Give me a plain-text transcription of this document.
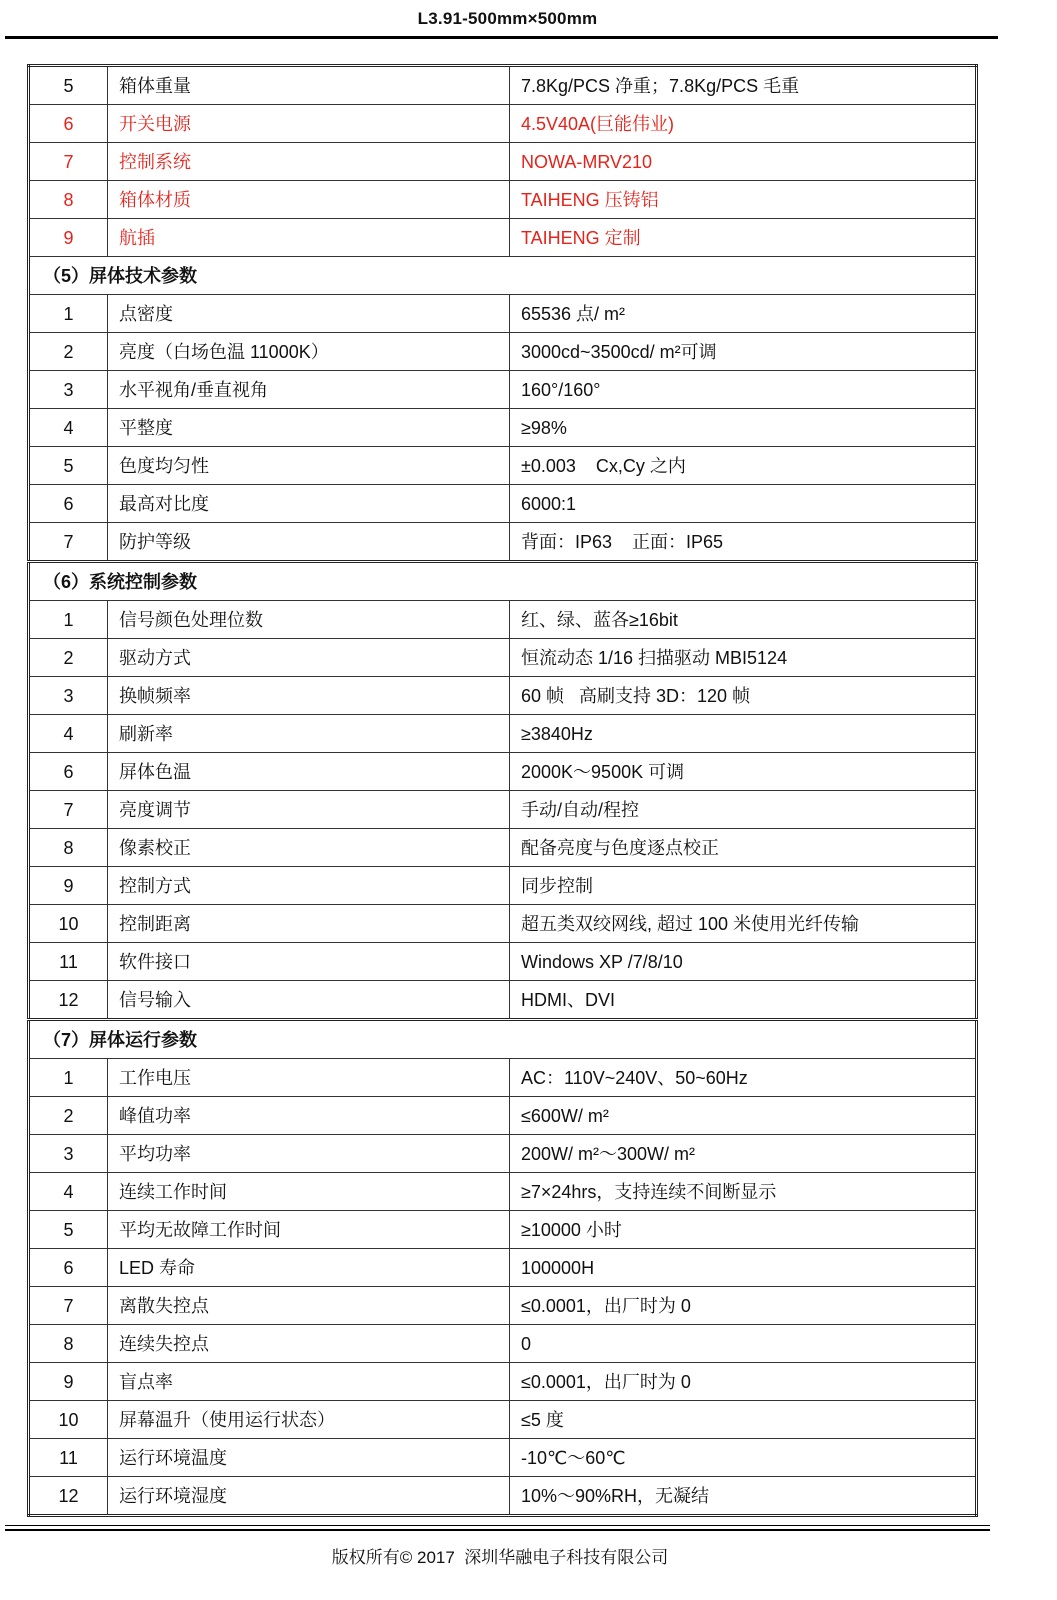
L3.91-500mm×500mm
5	箱体重量	7.8Kg/PCS 净重；7.8Kg/PCS 毛重
6	开关电源	4.5V40A(巨能伟业)
7	控制系统	NOWA-MRV210
8	箱体材质	TAIHENG 压铸铝
9	航插	TAIHENG 定制
（5）屏体技术参数		
1	点密度	65536 点/ m²
2	亮度（白场色温 11000K）	3000cd~3500cd/ m²可调
3	水平视角/垂直视角	160°/160°
4	平整度	≥98%
5	色度均匀性	±0.003    Cx,Cy 之内
6	最高对比度	6000:1
7	防护等级	背面：IP63    正面：IP65
（6）系统控制参数		
1	信号颜色处理位数	红、绿、蓝各≥16bit
2	驱动方式	恒流动态 1/16 扫描驱动 MBI5124
3	换帧频率	60 帧   高刷支持 3D：120 帧
4	刷新率	≥3840Hz
6	屏体色温	2000K～9500K 可调
7	亮度调节	手动/自动/程控
8	像素校正	配备亮度与色度逐点校正
9	控制方式	同步控制
10	控制距离	超五类双绞网线, 超过 100 米使用光纤传输
11	软件接口	Windows XP /7/8/10
12	信号输入	HDMI、DVI
（7）屏体运行参数		
1	工作电压	AC：110V~240V、50~60Hz
2	峰值功率	≤600W/ m²
3	平均功率	200W/ m²～300W/ m²
4	连续工作时间	≥7×24hrs，支持连续不间断显示
5	平均无故障工作时间	≥10000 小时
6	LED 寿命	100000H
7	离散失控点	≤0.0001，出厂时为 0
8	连续失控点	0
9	盲点率	≤0.0001，出厂时为 0
10	屏幕温升（使用运行状态）	≤5 度
11	运行环境温度	-10℃～60℃
12	运行环境湿度	10%～90%RH，无凝结
版权所有© 2017  深圳华融电子科技有限公司
